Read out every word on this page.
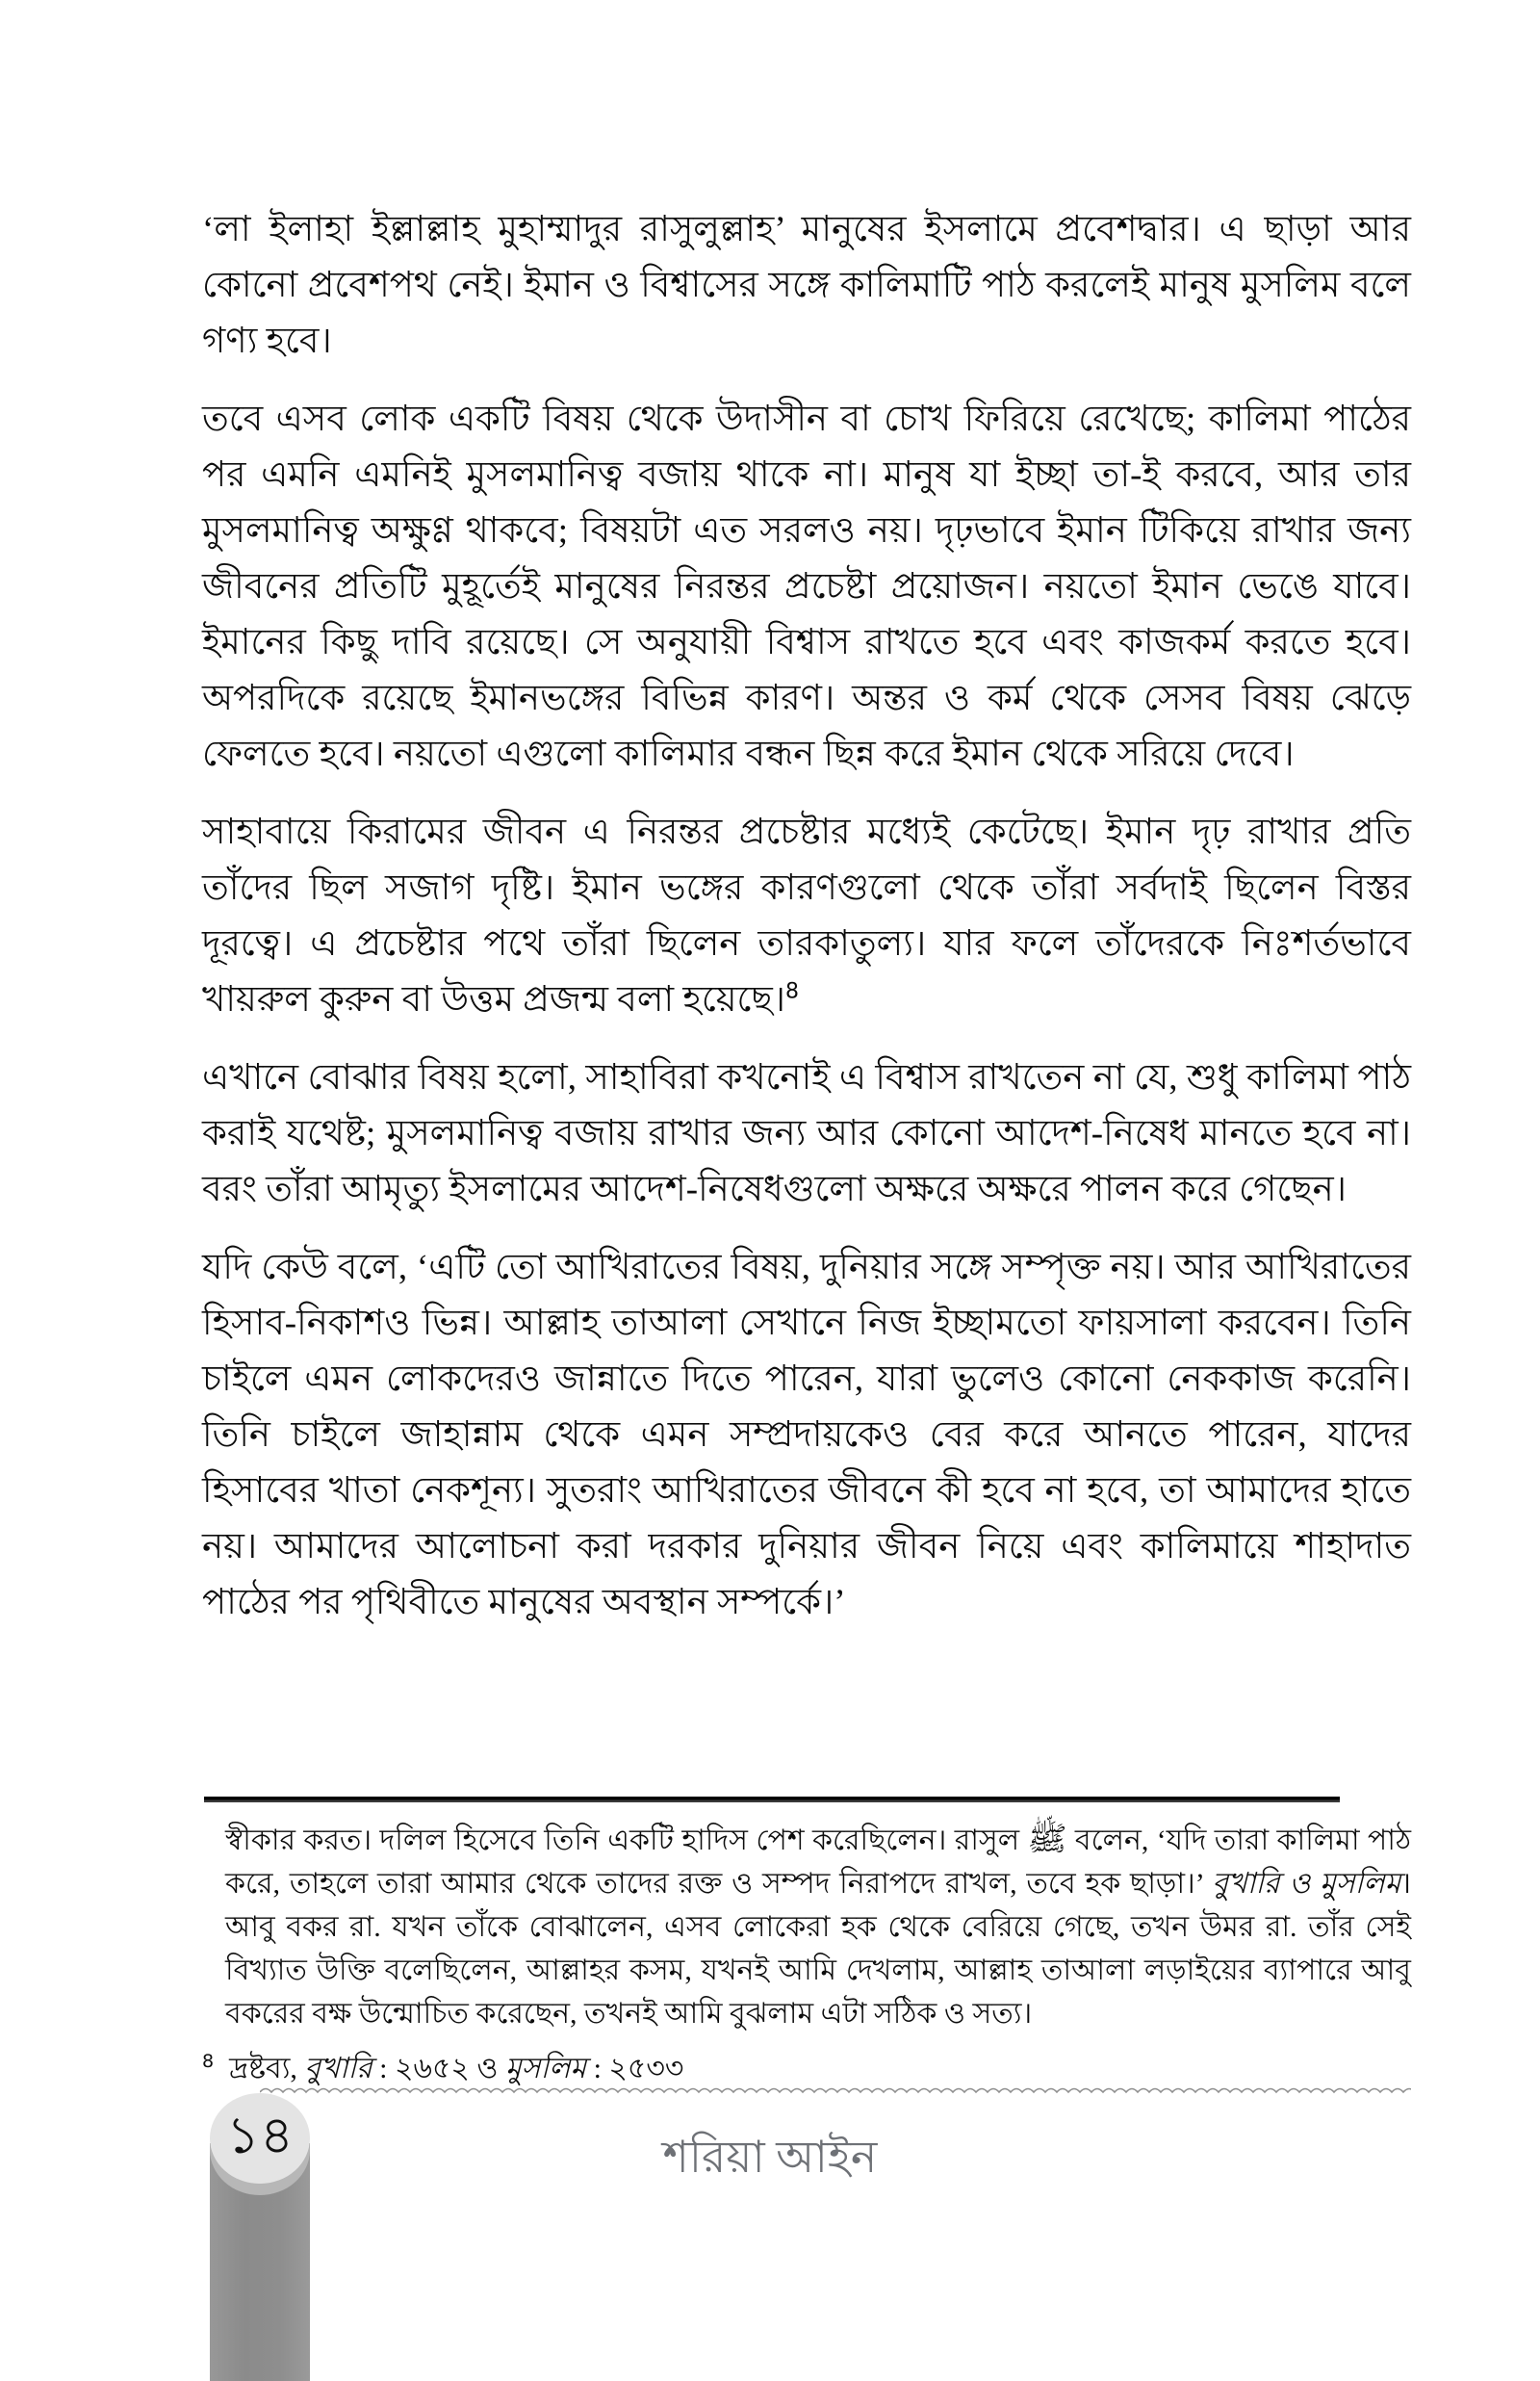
‘লা ইলাহা ইল্লাল্লাহ মুহাম্মাদুর রাসুলুল্লাহ’ মানুষের ইসলামে প্রবেশদ্বার। এ ছাড়া আর কোনো প্রবেশপথ নেই। ইমান ও বিশ্বাসের সঙ্গে কালিমাটি পাঠ করলেই মানুষ মুসলিম বলে গণ্য হবে।

তবে এসব লোক একটি বিষয় থেকে উদাসীন বা চোখ ফিরিয়ে রেখেছে; কালিমা পাঠের পর এমনি এমনিই মুসলমানিত্ব বজায় থাকে না। মানুষ যা ইচ্ছা তা-ই করবে, আর তার মুসলমানিত্ব অক্ষুণ্ণ থাকবে; বিষয়টা এত সরলও নয়। দৃঢ়ভাবে ইমান টিকিয়ে রাখার জন্য জীবনের প্রতিটি মুহূর্তেই মানুষের নিরন্তর প্রচেষ্টা প্রয়োজন। নয়তো ইমান ভেঙে যাবে। ইমানের কিছু দাবি রয়েছে। সে অনুযায়ী বিশ্বাস রাখতে হবে এবং কাজকর্ম করতে হবে। অপরদিকে রয়েছে ইমানভঙ্গের বিভিন্ন কারণ। অন্তর ও কর্ম থেকে সেসব বিষয় ঝেড়ে ফেলতে হবে। নয়তো এগুলো কালিমার বন্ধন ছিন্ন করে ইমান থেকে সরিয়ে দেবে।

সাহাবায়ে কিরামের জীবন এ নিরন্তর প্রচেষ্টার মধ্যেই কেটেছে। ইমান দৃঢ় রাখার প্রতি তাঁদের ছিল সজাগ দৃষ্টি। ইমান ভঙ্গের কারণগুলো থেকে তাঁরা সর্বদাই ছিলেন বিস্তর দূরত্বে। এ প্রচেষ্টার পথে তাঁরা ছিলেন তারকাতুল্য। যার ফলে তাঁদেরকে নিঃশর্তভাবে খায়রুল কুরুন বা উত্তম প্রজন্ম বলা হয়েছে।$^8$

এখানে বোঝার বিষয় হলো, সাহাবিরা কখনোই এ বিশ্বাস রাখতেন না যে, শুধু কালিমা পাঠ করাই যথেষ্ট; মুসলমানিত্ব বজায় রাখার জন্য আর কোনো আদেশ-নিষেধ মানতে হবে না। বরং তাঁরা আমৃত্যু ইসলামের আদেশ-নিষেধগুলো অক্ষরে অক্ষরে পালন করে গেছেন।

যদি কেউ বলে, ‘এটি তো আখিরাতের বিষয়, দুনিয়ার সঙ্গে সম্পৃক্ত নয়। আর আখিরাতের হিসাব-নিকাশও ভিন্ন। আল্লাহ তাআলা সেখানে নিজ ইচ্ছামতো ফায়সালা করবেন। তিনি চাইলে এমন লোকদেরও জান্নাতে দিতে পারেন, যারা ভুলেও কোনো নেককাজ করেনি। তিনি চাইলে জাহান্নাম থেকে এমন সম্প্রদায়কেও বের করে আনতে পারেন, যাদের হিসাবের খাতা নেকশূন্য। সুতরাং আখিরাতের জীবনে কী হবে না হবে, তা আমাদের হাতে নয়। আমাদের আলোচনা করা দরকার দুনিয়ার জীবন নিয়ে এবং কালিমায়ে শাহাদাত পাঠের পর পৃথিবীতে মানুষের অবস্থান সম্পর্কে।’

স্বীকার করত। দলিল হিসেবে তিনি একটি হাদিস পেশ করেছিলেন। রাসুল ﷺ বলেন, ‘যদি তারা কালিমা পাঠ করে, তাহলে তারা আমার থেকে তাদের রক্ত ও সম্পদ নিরাপদে রাখল, তবে হক ছাড়া।’ বুখারি ও মুসলিম। আবু বকর রা. যখন তাঁকে বোঝালেন, এসব লোকেরা হক থেকে বেরিয়ে গেছে, তখন উমর রা. তাঁর সেই বিখ্যাত উক্তি বলেছিলেন, আল্লাহর কসম, যখনই আমি দেখলাম, আল্লাহ তাআলা লড়াইয়ের ব্যাপারে আবু বকরের বক্ষ উন্মোচিত করেছেন, তখনই আমি বুঝলাম এটা সঠিক ও সত্য।
$^8$ দ্রষ্টব্য, বুখারি : ২৬৫২ ও মুসলিম : ২৫৩৩
১৪	শরিয়া আইন
